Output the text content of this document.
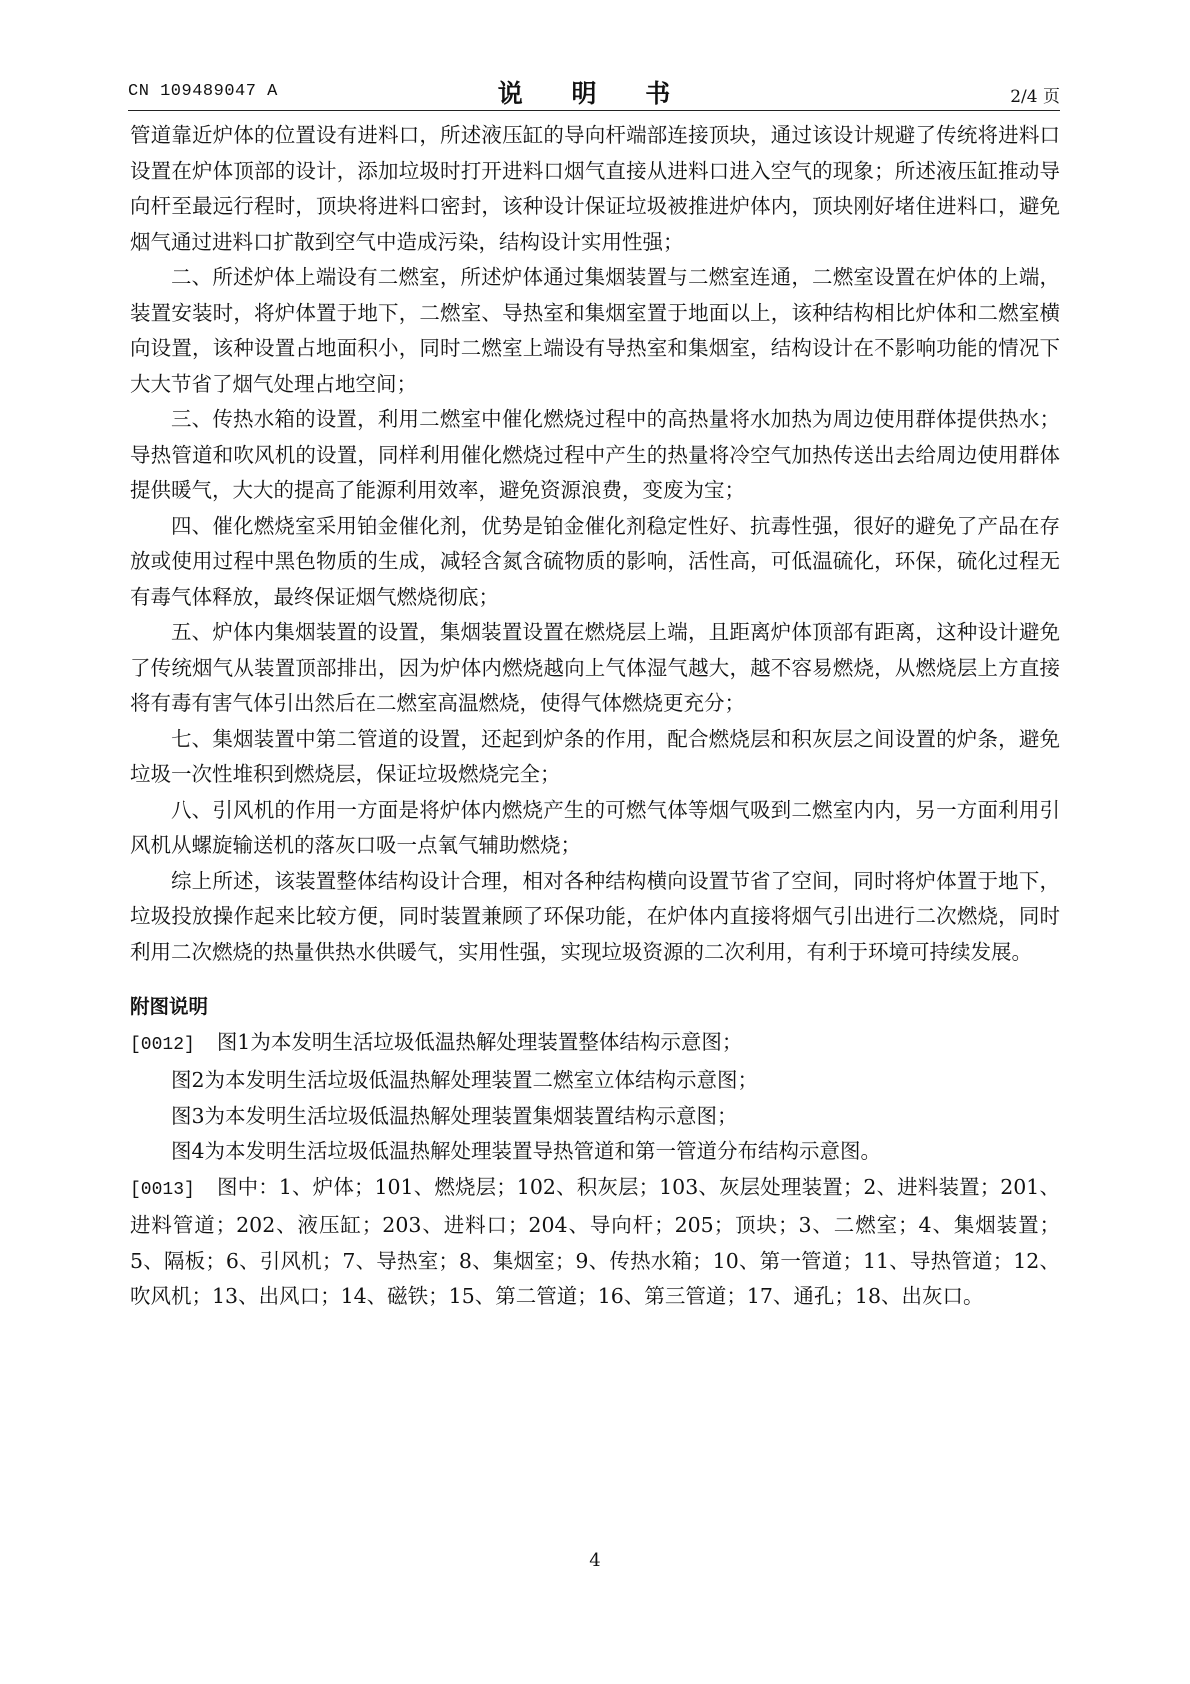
CN 109489047 A	说 明 书	2/4 页

管道靠近炉体的位置设有进料口，所述液压缸的导向杆端部连接顶块，通过该设计规避了传统将进料口设置在炉体顶部的设计，添加垃圾时打开进料口烟气直接从进料口进入空气的现象；所述液压缸推动导向杆至最远行程时，顶块将进料口密封，该种设计保证垃圾被推进炉体内，顶块刚好堵住进料口，避免烟气通过进料口扩散到空气中造成污染，结构设计实用性强；

二、所述炉体上端设有二燃室，所述炉体通过集烟装置与二燃室连通，二燃室设置在炉体的上端，装置安装时，将炉体置于地下，二燃室、导热室和集烟室置于地面以上，该种结构相比炉体和二燃室横向设置，该种设置占地面积小，同时二燃室上端设有导热室和集烟室，结构设计在不影响功能的情况下大大节省了烟气处理占地空间；

三、传热水箱的设置，利用二燃室中催化燃烧过程中的高热量将水加热为周边使用群体提供热水；导热管道和吹风机的设置，同样利用催化燃烧过程中产生的热量将冷空气加热传送出去给周边使用群体提供暖气，大大的提高了能源利用效率，避免资源浪费，变废为宝；

四、催化燃烧室采用铂金催化剂，优势是铂金催化剂稳定性好、抗毒性强，很好的避免了产品在存放或使用过程中黑色物质的生成，减轻含氮含硫物质的影响，活性高，可低温硫化，环保，硫化过程无有毒气体释放，最终保证烟气燃烧彻底；

五、炉体内集烟装置的设置，集烟装置设置在燃烧层上端，且距离炉体顶部有距离，这种设计避免了传统烟气从装置顶部排出，因为炉体内燃烧越向上气体湿气越大，越不容易燃烧，从燃烧层上方直接将有毒有害气体引出然后在二燃室高温燃烧，使得气体燃烧更充分；

七、集烟装置中第二管道的设置，还起到炉条的作用，配合燃烧层和积灰层之间设置的炉条，避免垃圾一次性堆积到燃烧层，保证垃圾燃烧完全；

八、引风机的作用一方面是将炉体内燃烧产生的可燃气体等烟气吸到二燃室内内，另一方面利用引风机从螺旋输送机的落灰口吸一点氧气辅助燃烧；

综上所述，该装置整体结构设计合理，相对各种结构横向设置节省了空间，同时将炉体置于地下，垃圾投放操作起来比较方便，同时装置兼顾了环保功能，在炉体内直接将烟气引出进行二次燃烧，同时利用二次燃烧的热量供热水供暖气，实用性强，实现垃圾资源的二次利用，有利于环境可持续发展。

附图说明

[0012] 图1为本发明生活垃圾低温热解处理装置整体结构示意图；

图2为本发明生活垃圾低温热解处理装置二燃室立体结构示意图；

图3为本发明生活垃圾低温热解处理装置集烟装置结构示意图；

图4为本发明生活垃圾低温热解处理装置导热管道和第一管道分布结构示意图。

[0013] 图中：1、炉体；101、燃烧层；102、积灰层；103、灰层处理装置；2、进料装置；201、进料管道；202、液压缸；203、进料口；204、导向杆；205；顶块；3、二燃室；4、集烟装置；5、隔板；6、引风机；7、导热室；8、集烟室；9、传热水箱；10、第一管道；11、导热管道；12、吹风机；13、出风口；14、磁铁；15、第二管道；16、第三管道；17、通孔；18、出灰口。

4
